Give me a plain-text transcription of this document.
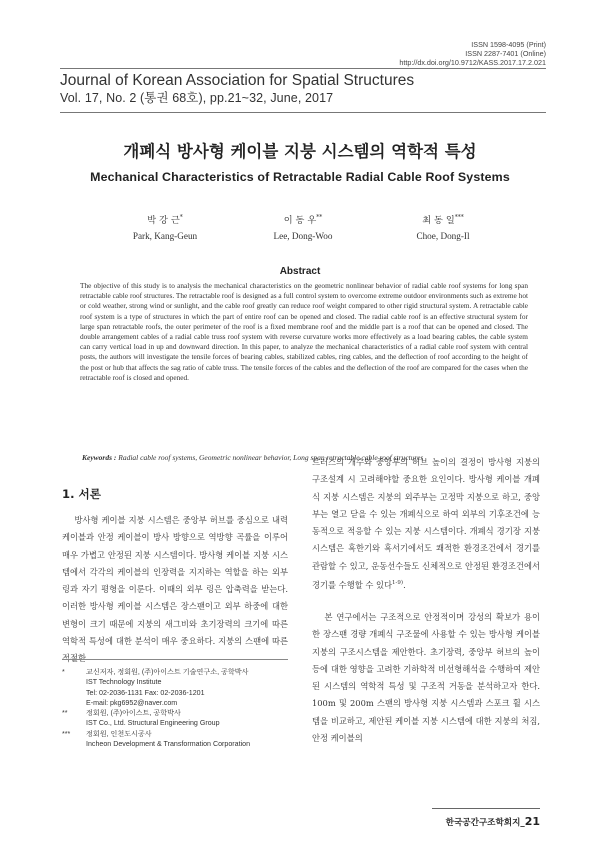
ISSN 1598-4095 (Print)
ISSN 2287-7401 (Online)
http://dx.doi.org/10.9712/KASS.2017.17.2.021
Journal of Korean Association for Spatial Structures
Vol. 17, No. 2 (통권 68호), pp.21~32, June, 2017
개폐식 방사형 케이블 지붕 시스템의 역학적 특성
Mechanical Characteristics of Retractable Radial Cable Roof Systems
박 강 근*
Park, Kang-Geun
이 동 우**
Lee, Dong-Woo
최 동 일***
Choe, Dong-Il
Abstract

The objective of this study is to analysis the mechanical characteristics on the geometric nonlinear behavior of radial cable roof systems for long span retractable cable roof structures. The retractable roof is designed as a full control system to overcome extreme outdoor environments such as extreme hot or cold weather, strong wind or sunlight, and the cable roof greatly can reduce roof weight compared to other rigid structural system. A retractable cable roof system is a type of structures in which the part of entire roof can be opened and closed. The radial cable roof is an effective structural system for large span retractable roofs, the outer perimeter of the roof is a fixed membrane roof and the middle part is a roof that can be opened and closed. The double arrangement cables of a radial cable truss roof system with reverse curvature works more effectively as a load bearing cables, the cable system can carry vertical load in up and downward direction. In this paper, to analyze the mechanical characteristics of a radial cable roof system with central posts, the authors will investigate the tensile forces of bearing cables, stabilized cables, ring cables, and the deflection of roof according to the height of the post or hub that affects the sag ratio of cable truss. The tensile forces of the cables and the deflection of the roof are compared for the cases when the retractable roof is closed and opened.

Keywords : Radial cable roof systems, Geometric nonlinear behavior, Long span retractable cable roof structures
1. 서론

방사형 케이블 지붕 시스템은 중앙부 허브를 중심으로 내력 케이블과 안정 케이블이 방사 방향으로 역방향 곡률을 이루어 매우 가볍고 안정된 지붕 시스템이다. 방사형 케이블 지붕 시스템에서 각각의 케이블의 인장력을 지지하는 역할을 하는 외부 링과 자기 평형을 이룬다. 이때의 외부 링은 압축력을 받는다. 이러한 방사형 케이블 시스템은 장스팬이고 외부 하중에 대한 변형이 크기 때문에 지붕의 새그비와 초기장력의 크기에 따른 역학적 특성에 대한 분석이 매우 중요하다. 지붕의 스팬에 따른

트러스의 개수와 중앙부의 허브 높이의 결정이 방사형 지붕의 구조설계 시 고려해야할 중요한 요인이다. 방사형 케이블 개폐식 지붕 시스템은 지붕의 외주부는 고정막 지붕으로 하고, 중앙부는 열고 닫을 수 있는 개폐식으로 하여 외부의 기후조건에 능동적으로 적응할 수 있는 지붕 시스템이다. 개폐식 경기장 지붕 시스템은 혹한기와 혹서기에서도 쾌적한 환경조건에서 경기를 관람할 수 있고, 운동선수들도 신체적으로 안정된 환경조건에서 경기를 수행할 수 있다$^{1-9)}$.

본 연구에서는 구조적으로 안정적이며 강성의 확보가 용이한 장스팬 경량 개폐식 구조물에 사용할 수 있는 방사형 케이블 지붕의 구조시스템을 제안한다. 초기장력, 중앙부 허브의 높이 등에 대한 영향을 고려한 기하학적 비선형해석을 수행하여 제안된 시스템의 역학적 특성 및 구조적 거동을 분석하고자 한다. 100m 및 200m 스팬의 방사형 지붕 시스템과 스포크 휠 시스템을 비교하고, 제안된 케이블 지붕 시스템에 대한 지붕의 처짐, 안정 케이블의

*	교신저자, 정회원, (주)아이스트 기술연구소, 공학박사
IST Technology Institute
Tel: 02-2036-1131 Fax: 02-2036-1201
E-mail: pkg6952@naver.com
**	정회원, (주)아이스트, 공학박사
IST Co., Ltd. Structural Engineering Group
***	정회원, 인천도시공사
Incheon Development & Transformation Corporation
한국공간구조학회지_21
